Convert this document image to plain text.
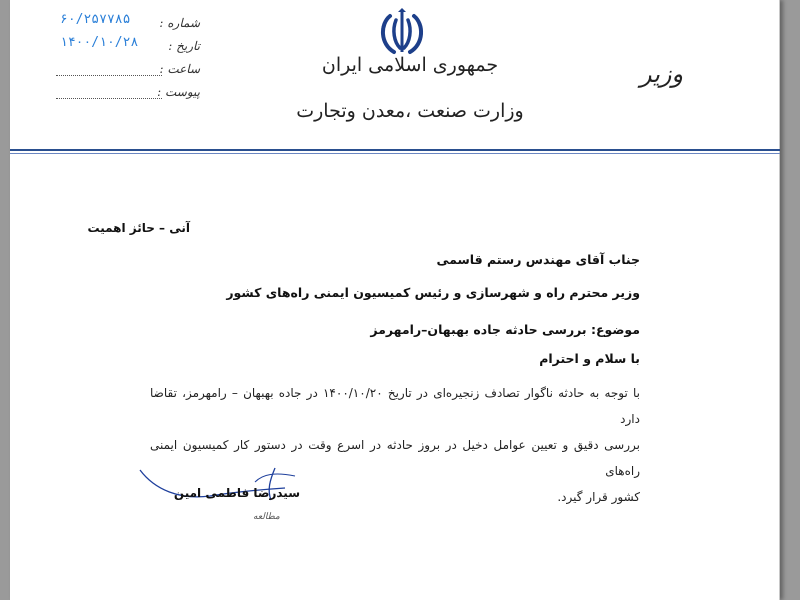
۶۰/۲۵۷۷۸۵ شماره :
۱۴۰۰/۱۰/۲۸ تاریخ :
ساعت :
پیوست :
جمهوری اسلامی ایران
وزارت صنعت ،معدن وتجارت
وزیر
آنی – حائز اهمیت
جناب آقای مهندس رستم قاسمی
وزیر محترم راه و شهرسازی و رئیس کمیسیون ایمنی راه‌های کشور
موضوع: بررسی حادثه جاده بهبهان–رامهرمز
با سلام و احترام
با توجه به حادثه ناگوار تصادف زنجیره‌ای در تاریخ ۱۴۰۰/۱۰/۲۰ در جاده بهبهان – رامهرمز، تقاضا دارد
بررسی دقیق و تعیین عوامل دخیل در بروز حادثه در اسرع وقت در دستور کار کمیسیون ایمنی راه‌های
کشور قرار گیرد.
سیدرضا فاطمی امین
مطالعه
